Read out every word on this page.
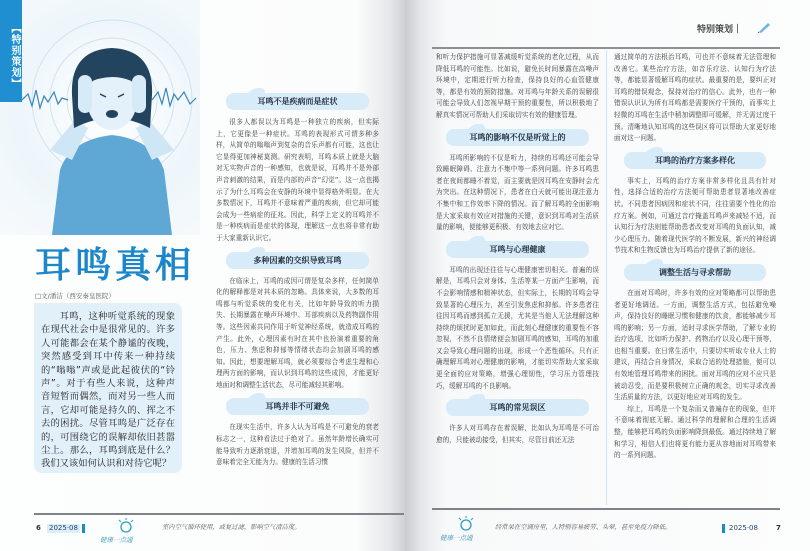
【特别策划】
耳鸣真相
□文/潘洁（西安秦皇医院）
耳鸣，这种听觉系统的现象在现代社会中是很常见的。许多人可能都会在某个静谧的夜晚，突然感受到耳中传来一种持续的“嗡嗡”声或是此起彼伏的“铃声”。对于有些人来说，这种声音短暂而偶然，而对另一些人而言，它却可能是持久的、挥之不去的困扰。尽管耳鸣是广泛存在的，可围绕它的误解却依旧甚嚣尘上。那么，耳鸣到底是什么？我们又该如何认识和对待它呢？
耳鸣不是疾病而是症状

很多人都误以为耳鸣是一种独立的疾病，但实际上，它更像是一种症状。耳鸣的表现形式可谓多种多样，从简单的嗡嗡声到复杂的音乐声都有可能，这也让它显得更加神秘莫测。研究表明，耳鸣本质上就是大脑对无实物声音的一种感知，也就是说，耳鸣并不是外部声音刺激的结果，而是内部的声音“幻觉”。这一点也揭示了为什么耳鸣会在安静的环境中显得格外明显。在大多数情况下，耳鸣并不意味着严重的疾病，但它却可能会成为一些病症的征兆。因此，科学上定义的耳鸣并不是一种疾病而是症状的体现，理解这一点也将非常有助于大家重新认识它。

多种因素的交织导致耳鸣

在临床上，耳鸣的成因可谓是复杂多样，任何简单化的解释都是对其本质的忽略。具体来说，大多数的耳鸣都与听觉系统的变化有关，比如年龄导致的听力损失、长期暴露在噪声环境中、耳部疾病以及药物副作用等。这些因素共同作用于听觉神经系统，就造成耳鸣的产生。此外，心理因素有时在其中也扮演着重要的角色，压力、焦虑和抑郁等情绪状态均会加剧耳鸣的感知。因此，想要理解耳鸣，就必须要综合考虑生理和心理两方面的影响，而认识到耳鸣的这些成因，才能更好地面对和调整生活状态，尽可能减轻其影响。

耳鸣并非不可避免

在现实生活中，许多人认为耳鸣是不可避免的衰老标志之一，这种看法过于绝对了。虽然年龄增长确实可能导致听力逐渐衰退，并增加耳鸣的发生风险，但并不意味着完全无能为力。健康的生活习惯

6 2025·08
健康一点通
室内空气循环使用，或复过滤，影响空气清洁度。
特别策划｜

和听力保护措施可显著减缓听觉系统的老化过程，从而降低耳鸣的可能性。比如说，避免长时间暴露在高噪声环境中，定期进行听力检查，保持良好的心血管健康等，都是有效的预防措施。对耳鸣与年龄关系的误解很可能会导致人们忽视早期干预的重要性，所以积极地了解真实情况可帮助人们采取切实有效的健康管理。

耳鸣的影响不仅是听觉上的

耳鸣所影响的不仅是听力，持续的耳鸣还可能会导致睡眠障碍、注意力不集中等一系列问题。许多耳鸣患者在夜间都睡不着觉，而主要就是因耳鸣在安静时会尤为突出。在这种情况下，患者在白天就可能出现注意力不集中和工作效率下降的情况。而了解耳鸣的全面影响是大家采取有效应对措施的关键，意识到耳鸣对生活质量的影响，便能够更积极、有效地去应对它。

耳鸣与心理健康

耳鸣的出现还往往与心理健康密切相关。普遍的误解是，耳鸣只会对身体、生活等某一方面产生影响，而不会影响情感和精神状态，但实际上，长期的耳鸣会导致显著的心理压力，甚至引发焦虑和抑郁。许多患者往往因耳鸣而感到孤立无援，尤其是当他人无法理解这种持续的烦扰时更加如此，而此刻心理健康的重要性不容忽视，不然不良情绪便会加剧耳鸣的感知，耳鸣的加重又会导致心理问题的出现，形成一个恶性循环。只有正确理解耳鸣对心理健康的影响，才能切实帮助大家采取更全面的应对策略，增强心理韧性，学习压力管理技巧，缓解耳鸣的不良影响。

耳鸣的常见误区

许多人对耳鸣存在着误解，比如认为耳鸣是不可治愈的，只能被动接受，但其实，尽管目前还无法

通过简单的方法根治耳鸣，可也并不意味着无法管理和改善它。某些治疗方法，如音乐疗法、认知行为疗法等，都能显著缓解耳鸣的症状。最重要的是，要纠正对耳鸣的错误观念，保持对治疗的信心。此外，也有一种错误认识认为所有耳鸣都是需要医疗干预的，而事实上轻微的耳鸣在生活中稍加调整即可缓解，并无需过度干预。清晰地认知耳鸣的这些误区将可以帮助大家更好地面对这一问题。

耳鸣的治疗方案多样化

事实上，耳鸣的治疗方案非常多样化且具有针对性，选择合适的治疗方法便可帮助患者显著地改善症状。不同患者因病因和症状不同，往往需要个性化的治疗方案。例如，可通过音疗掩盖耳鸣声来减轻不适，而认知行为疗法则能帮助患者改变对耳鸣的负面认知，减少心理压力。随着现代医学的不断发展，新兴的神经调节技术和生物反馈也为耳鸣治疗提供了新的途径。

调整生活与寻求帮助

在面对耳鸣时，许多有效的应对策略都可以帮助患者更好地调适。一方面，调整生活方式，包括避免噪声，保持良好的睡眠习惯和健康的饮食，都能够减少耳鸣的影响；另一方面，适时寻求医学帮助，了解专业的治疗选项，比如听力保护、药物治疗以及心理干预等，也相当重要。在日常生活中，只要切实听取专业人士的建议，再结合自身情况，采取合适的处理措施，便可以有效地管理耳鸣带来的困扰。面对耳鸣的应对不应只是被动忍受，而是要积极树立正确的观念，切实寻求改善生活质量的方法，以更好地应对耳鸣的发生。

综上，耳鸣是一个复杂而又普遍存在的现象，但并不意味着彻底无解。通过科学的理解和合理的生活调整，能够把耳鸣的负面影响降到最低。通过持续地了解和学习，相信人们也将更有能力更从容地面对耳鸣带来的一系列问题。

健康一点通
经常呆在空调房里，人特别容易疲劳、头晕，甚至免疫力降低。	2025·08	7
